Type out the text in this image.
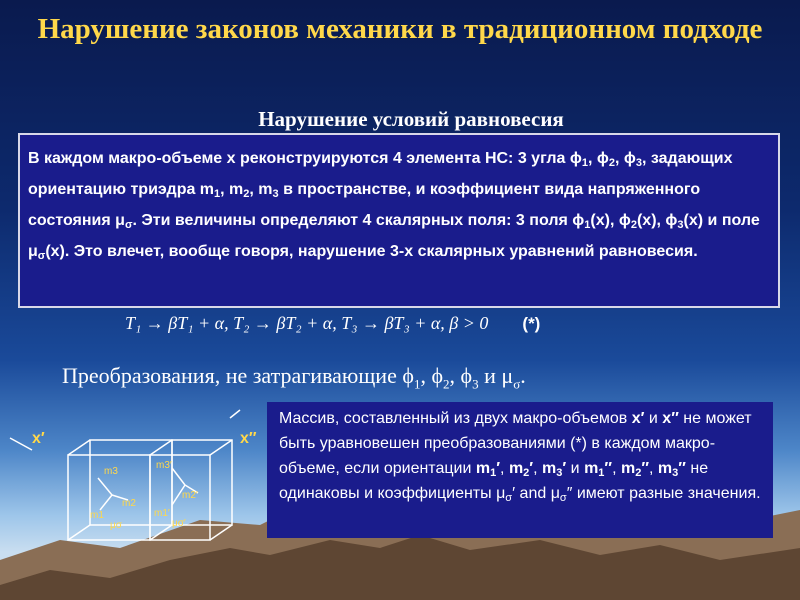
Нарушение законов механики в традиционном подходе
Нарушение условий равновесия
В каждом макро-объеме x реконструируются 4 элемента НС: 3 угла $\phi_1$, $\phi_2$, $\phi_3$, задающих ориентацию триэдра $m_1$, $m_2$, $m_3$ в пространстве, и коэффициент вида напряженного состояния $\mu_\sigma$. Эти величины определяют 4 скалярных поля: 3 поля $\phi_1(x)$, $\phi_2(x)$, $\phi_3(x)$ и поле $\mu_\sigma(x)$. Это влечет, вообще говоря, нарушение 3-х скалярных уравнений равновесия.
T₁ → βT₁ + α, T₂ → βT₂ + α, T₃ → βT₃ + α, β > 0 (*)
Преобразования, не затрагивающие $\phi_1$, $\phi_2$, $\phi_3$ и $\mu_\sigma$.
x′	x″
m3
m2
m1
μσ
m3′
m2′
m1′
μσ′
Массив, составленный из двух макро-объемов x′ и x″ не может быть уравновешен преобразованиями (*) в каждом макро-объеме, если ориентации $m_1'$, $m_2'$, $m_3'$ и $m_1''$, $m_2''$, $m_3''$ не одинаковы и коэффициенты $\mu_\sigma'$ and $\mu_\sigma''$ имеют разные значения.
